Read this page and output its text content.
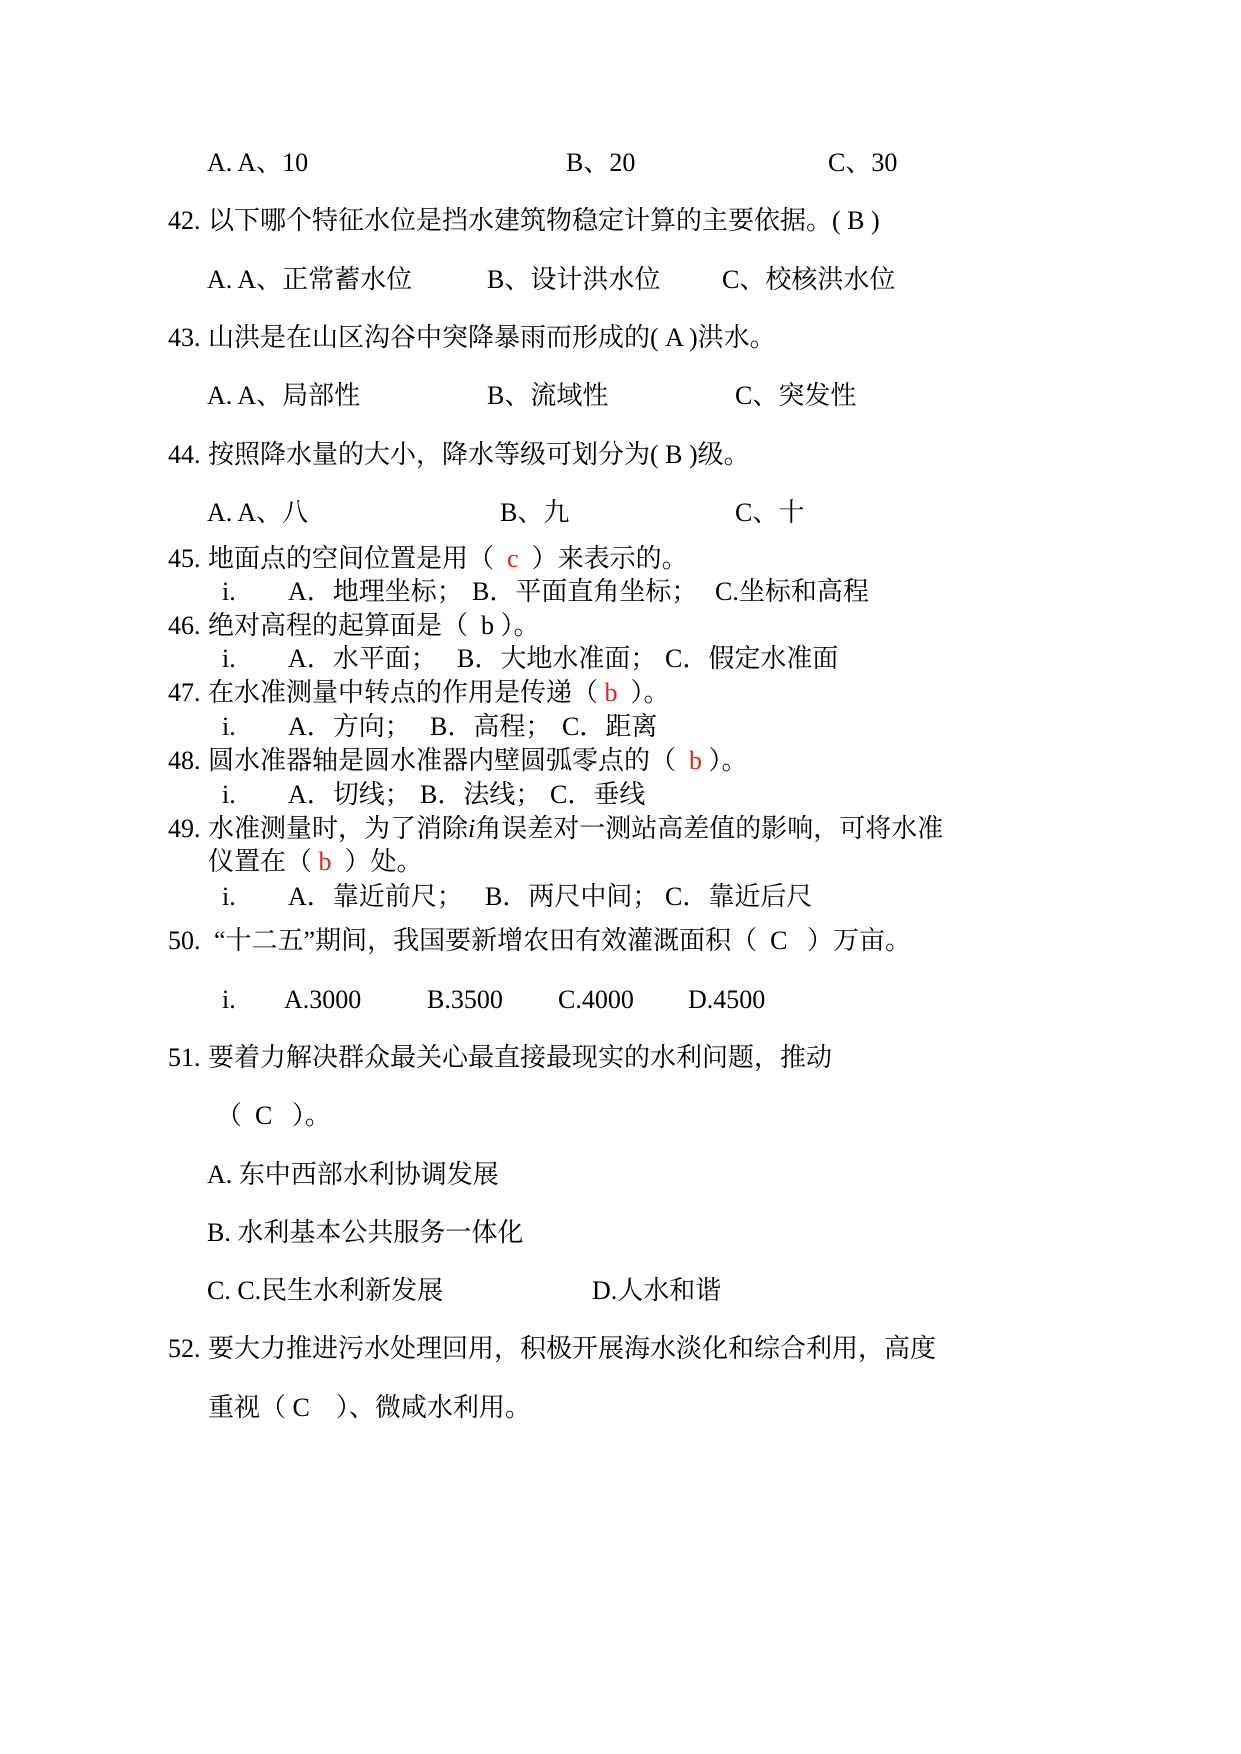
A. A、10	B、20	C、30
42. 以下哪个特征水位是挡水建筑物稳定计算的主要依据。( B )
A. A、正常蓄水位	B、设计洪水位 C、校核洪水位
43. 山洪是在山区沟谷中突降暴雨而形成的( A )洪水。
A. A、局部性	B、流域性	C、突发性
44. 按照降水量的大小，降水等级可划分为( B )级。
A. A、八	B、九	C、十
45. 地面点的空间位置是用（  c  ）来表示的。
i. A．地理坐标； B．平面直角坐标； C.坐标和高程
46. 绝对高程的起算面是（  b ）。
i. A．水平面； B．大地水准面； C．假定水准面
47. 在水准测量中转点的作用是传递（ b  ）。
i. A．方向； B．高程； C．距离
48. 圆水准器轴是圆水准器内壁圆弧零点的（  b ）。
i. A．切线； B．法线； C．垂线
49. 水准测量时，为了消除i角误差对一测站高差值的影响，可将水准
仪置在（ b  ）处。
i. A．靠近前尺； B．两尺中间； C．靠近后尺
50. “十二五”期间，我国要新增农田有效灌溉面积（  C   ）万亩。
i. A.3000	B.3500 C.4000 D.4500
51. 要着力解决群众最关心最直接最现实的水利问题，推动
（  C   ）。
A. 东中西部水利协调发展
B. 水利基本公共服务一体化
C. C.民生水利新发展	D.人水和谐
52. 要大力推进污水处理回用，积极开展海水淡化和综合利用，高度
重视（ C    ）、微咸水利用。
